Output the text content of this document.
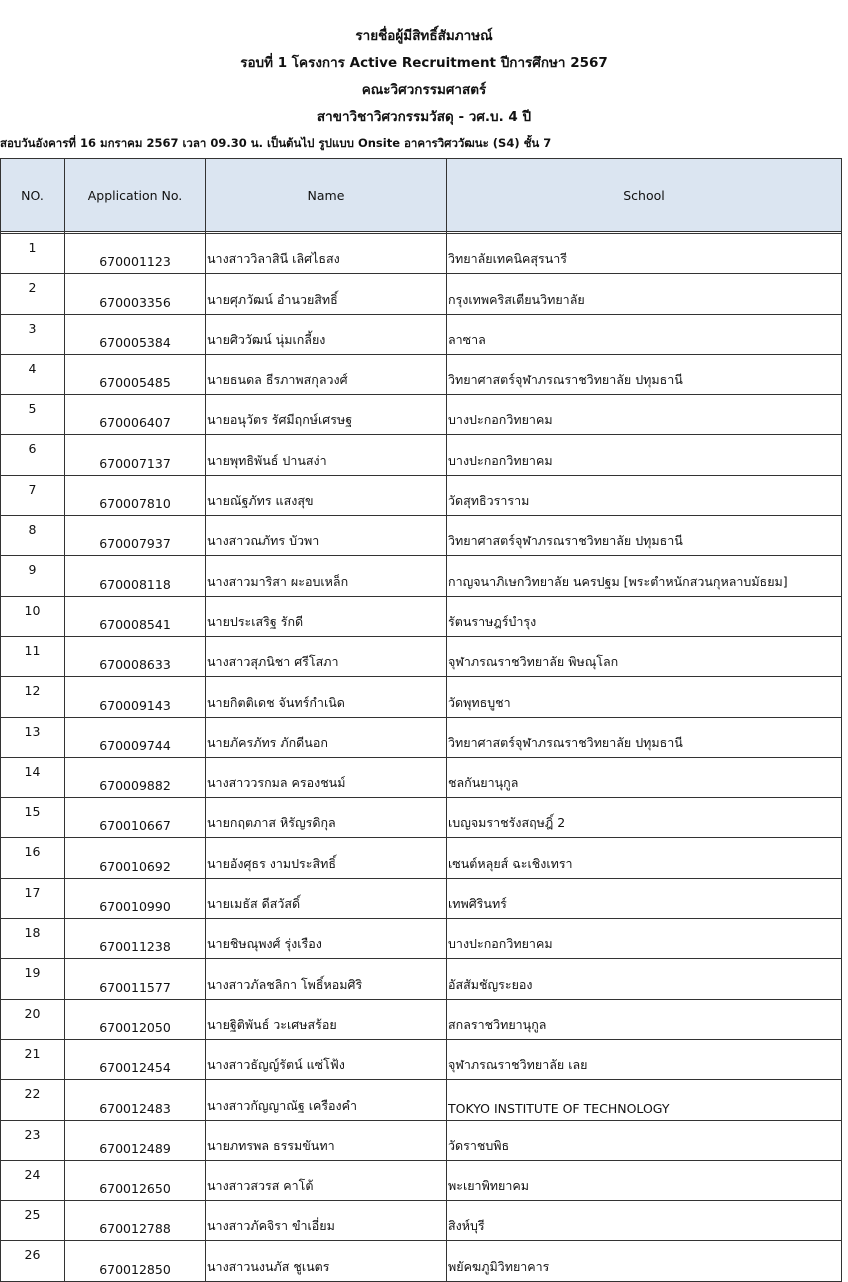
รายชื่อผู้มีสิทธิ์สัมภาษณ์
รอบที่ 1 โครงการ Active Recruitment ปีการศึกษา 2567
คณะวิศวกรรมศาสตร์
สาขาวิชาวิศวกรรมวัสดุ - วศ.บ. 4 ปี
สอบวันอังคารที่ 16 มกราคม 2567 เวลา 09.30 น. เป็นต้นไป รูปแบบ Onsite อาคารวิศววัฒนะ (S4) ชั้น 7
NO.	Application No.	Name	School

1	670001123	นางสาววิลาสินี เลิศไธสง	วิทยาลัยเทคนิคสุรนารี
2	670003356	นายศุภวัฒน์ อำนวยสิทธิ์	กรุงเทพคริสเตียนวิทยาลัย
3	670005384	นายศิววัฒน์ นุ่มเกลี้ยง	ลาซาล
4	670005485	นายธนดล ธีรภาพสกุลวงศ์	วิทยาศาสตร์จุฬาภรณราชวิทยาลัย ปทุมธานี
5	670006407	นายอนุวัตร รัศมีฤกษ์เศรษฐ	บางปะกอกวิทยาคม
6	670007137	นายพุทธิพันธ์ ปานสง่า	บางปะกอกวิทยาคม
7	670007810	นายณัฐภัทร แสงสุข	วัดสุทธิวราราม
8	670007937	นางสาวณภัทร บัวพา	วิทยาศาสตร์จุฬาภรณราชวิทยาลัย ปทุมธานี
9	670008118	นางสาวมาริสา ผะอบเหล็ก	กาญจนาภิเษกวิทยาลัย นครปฐม [พระตำหนักสวนกุหลาบมัธยม]
10	670008541	นายประเสริฐ รักดี	รัตนราษฎร์บำรุง
11	670008633	นางสาวสุภนิชา ศรีโสภา	จุฬาภรณราชวิทยาลัย พิษณุโลก
12	670009143	นายกิตติเดช จันทร์กำเนิด	วัดพุทธบูชา
13	670009744	นายภัครภัทร ภักดีนอก	วิทยาศาสตร์จุฬาภรณราชวิทยาลัย ปทุมธานี
14	670009882	นางสาววรกมล ครองชนม์	ชลกันยานุกูล
15	670010667	นายกฤตภาส หิรัญรดิกุล	เบญจมราชรังสฤษฎิ์ 2
16	670010692	นายอังศุธร งามประสิทธิ์	เซนต์หลุยส์ ฉะเชิงเทรา
17	670010990	นายเมธัส ดีสวัสดิ์	เทพศิรินทร์
18	670011238	นายชิษณุพงศ์ รุ่งเรือง	บางปะกอกวิทยาคม
19	670011577	นางสาวภัลชลิกา โพธิ์หอมศิริ	อัสสัมชัญระยอง
20	670012050	นายฐิติพันธ์ วะเศษสร้อย	สกลราชวิทยานุกูล
21	670012454	นางสาวธัญญ์รัตน์ แซ่โฟ้ง	จุฬาภรณราชวิทยาลัย เลย
22	670012483	นางสาวกัญญาณัฐ เครืองคำ	TOKYO INSTITUTE OF TECHNOLOGY
23	670012489	นายภทรพล ธรรมขันทา	วัดราชบพิธ
24	670012650	นางสาวสวรส คาโต้	พะเยาพิทยาคม
25	670012788	นางสาวภัคจิรา ขำเอี่ยม	สิงห์บุรี
26	670012850	นางสาวนงนภัส ชูเนตร	พยัคฆภูมิวิทยาคาร
